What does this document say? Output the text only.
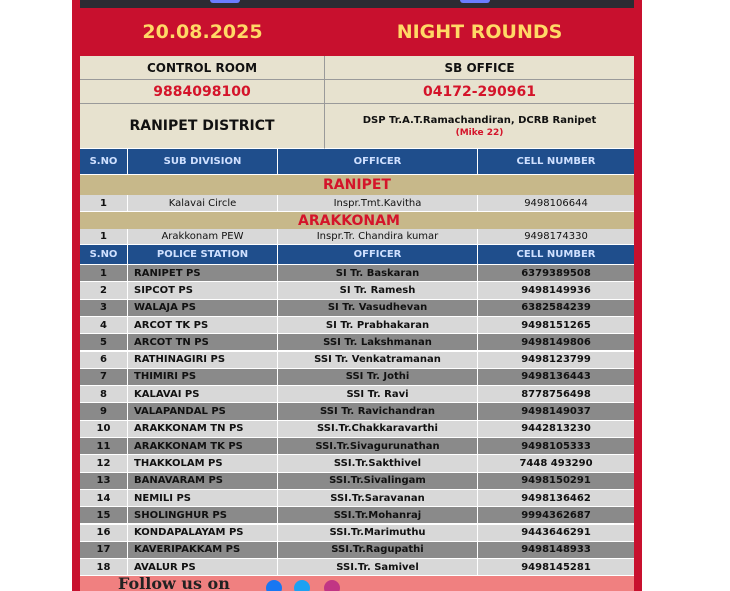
20.08.2025	NIGHT ROUNDS
CONTROL ROOM	SB OFFICE
9884098100	04172-290961
RANIPET DISTRICT	DSP Tr.A.T.Ramachandiran, DCRB Ranipet
(Mike 22)
S.NO	SUB DIVISION	OFFICER	CELL NUMBER
RANIPET
1	Kalavai Circle	Inspr.Tmt.Kavitha	9498106644
ARAKKONAM
1	Arakkonam PEW	Inspr.Tr. Chandira kumar	9498174330
S.NO	POLICE STATION	OFFICER	CELL NUMBER
1	RANIPET PS	SI Tr. Baskaran	6379389508
2	SIPCOT PS	SI Tr. Ramesh	9498149936
3	WALAJA PS	SI Tr. Vasudhevan	6382584239
4	ARCOT TK PS	SI Tr. Prabhakaran	9498151265
5	ARCOT TN PS	SSI Tr. Lakshmanan	9498149806
6	RATHINAGIRI PS	SSI Tr. Venkatramanan	9498123799
7	THIMIRI PS	SSI Tr. Jothi	9498136443
8	KALAVAI PS	SSI Tr. Ravi	8778756498
9	VALAPANDAL PS	SSI Tr. Ravichandran	9498149037
10	ARAKKONAM TN PS	SSI.Tr.Chakkaravarthi	9442813230
11	ARAKKONAM TK PS	SSI.Tr.Sivagurunathan	9498105333
12	THAKKOLAM PS	SSI.Tr.Sakthivel	7448 493290
13	BANAVARAM PS	SSI.Tr.Sivalingam	9498150291
14	NEMILI PS	SSI.Tr.Saravanan	9498136462
15	SHOLINGHUR PS	SSI.Tr.Mohanraj	9994362687
16	KONDAPALAYAM PS	SSI.Tr.Marimuthu	9443646291
17	KAVERIPAKKAM PS	SSI.Tr.Ragupathi	9498148933
18	AVALUR PS	SSI.Tr. Samivel	9498145281
Follow us on
